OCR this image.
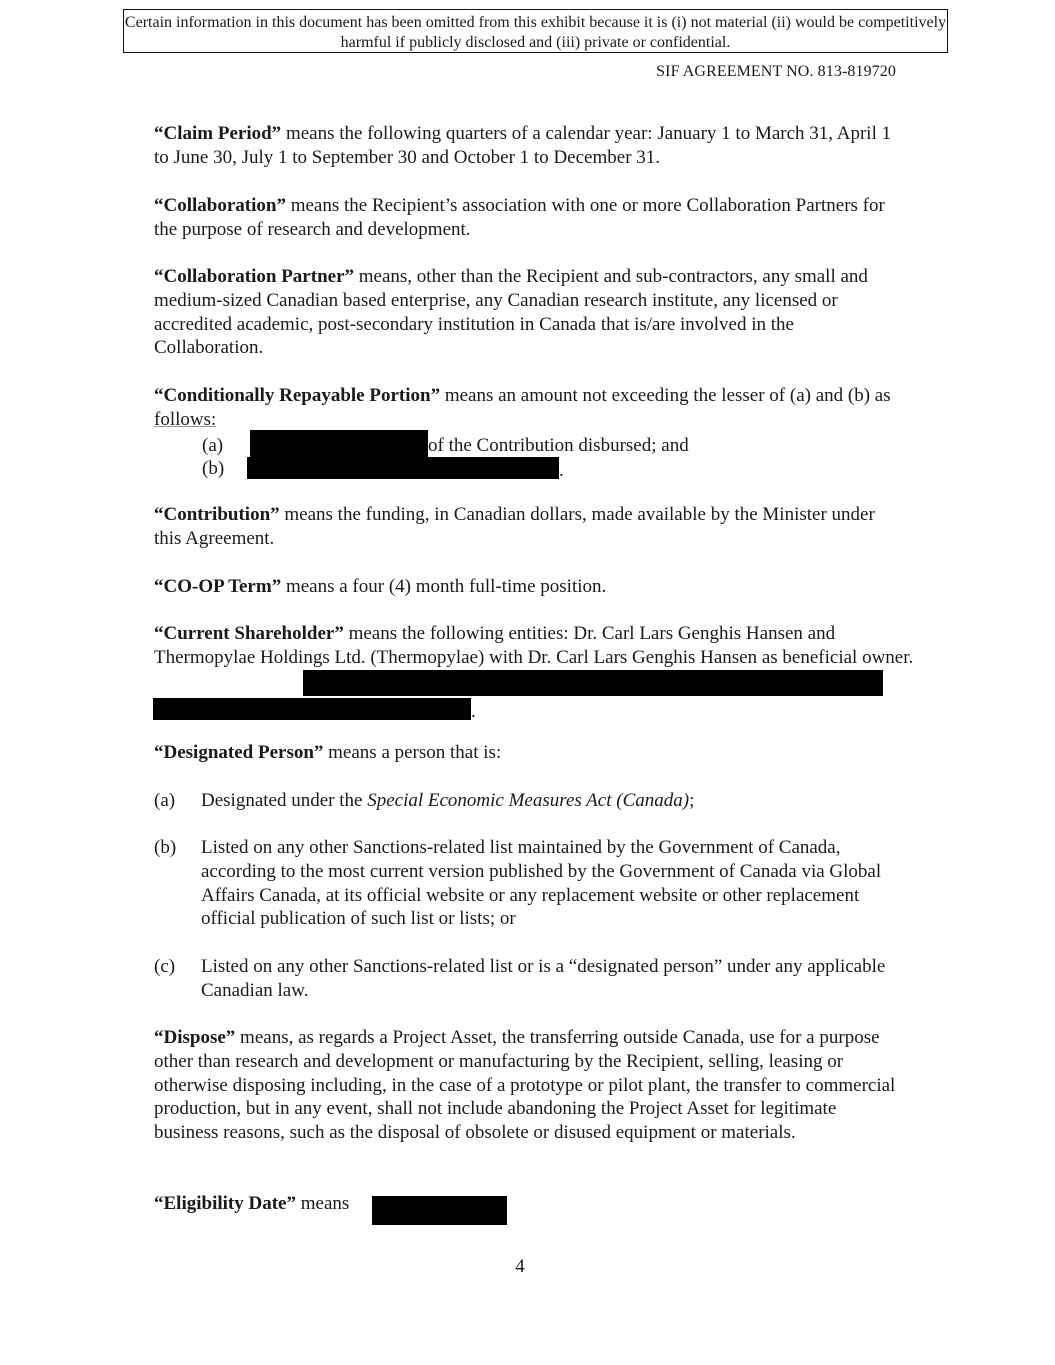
Certain information in this document has been omitted from this exhibit because it is (i) not material (ii) would be competitively harmful if publicly disclosed and (iii) private or confidential.
SIF AGREEMENT NO. 813-819720

“Claim Period” means the following quarters of a calendar year: January 1 to March 31, April 1 to June 30, July 1 to September 30 and October 1 to December 31.

“Collaboration” means the Recipient’s association with one or more Collaboration Partners for the purpose of research and development.

“Collaboration Partner” means, other than the Recipient and sub-contractors, any small and medium-sized Canadian based enterprise, any Canadian research institute, any licensed or accredited academic, post-secondary institution in Canada that is/are involved in the Collaboration.

“Conditionally Repayable Portion” means an amount not exceeding the lesser of (a) and (b) as follows:

(a)	of the Contribution disbursed; and
(b)	.

“Contribution” means the funding, in Canadian dollars, made available by the Minister under this Agreement.

“CO-OP Term” means a four (4) month full-time position.

“Current Shareholder” means the following entities: Dr. Carl Lars Genghis Hansen and Thermopylae Holdings Ltd. (Thermopylae) with Dr. Carl Lars Genghis Hansen as beneficial owner.

.

“Designated Person” means a person that is:

(a) Designated under the Special Economic Measures Act (Canada);

(b) Listed on any other Sanctions-related list maintained by the Government of Canada, according to the most current version published by the Government of Canada via Global Affairs Canada, at its official website or any replacement website or other replacement official publication of such list or lists; or

(c) Listed on any other Sanctions-related list or is a “designated person” under any applicable Canadian law.

“Dispose” means, as regards a Project Asset, the transferring outside Canada, use for a purpose other than research and development or manufacturing by the Recipient, selling, leasing or otherwise disposing including, in the case of a prototype or pilot plant, the transfer to commercial production, but in any event, shall not include abandoning the Project Asset for legitimate business reasons, such as the disposal of obsolete or disused equipment or materials.

“Eligibility Date” means

4
